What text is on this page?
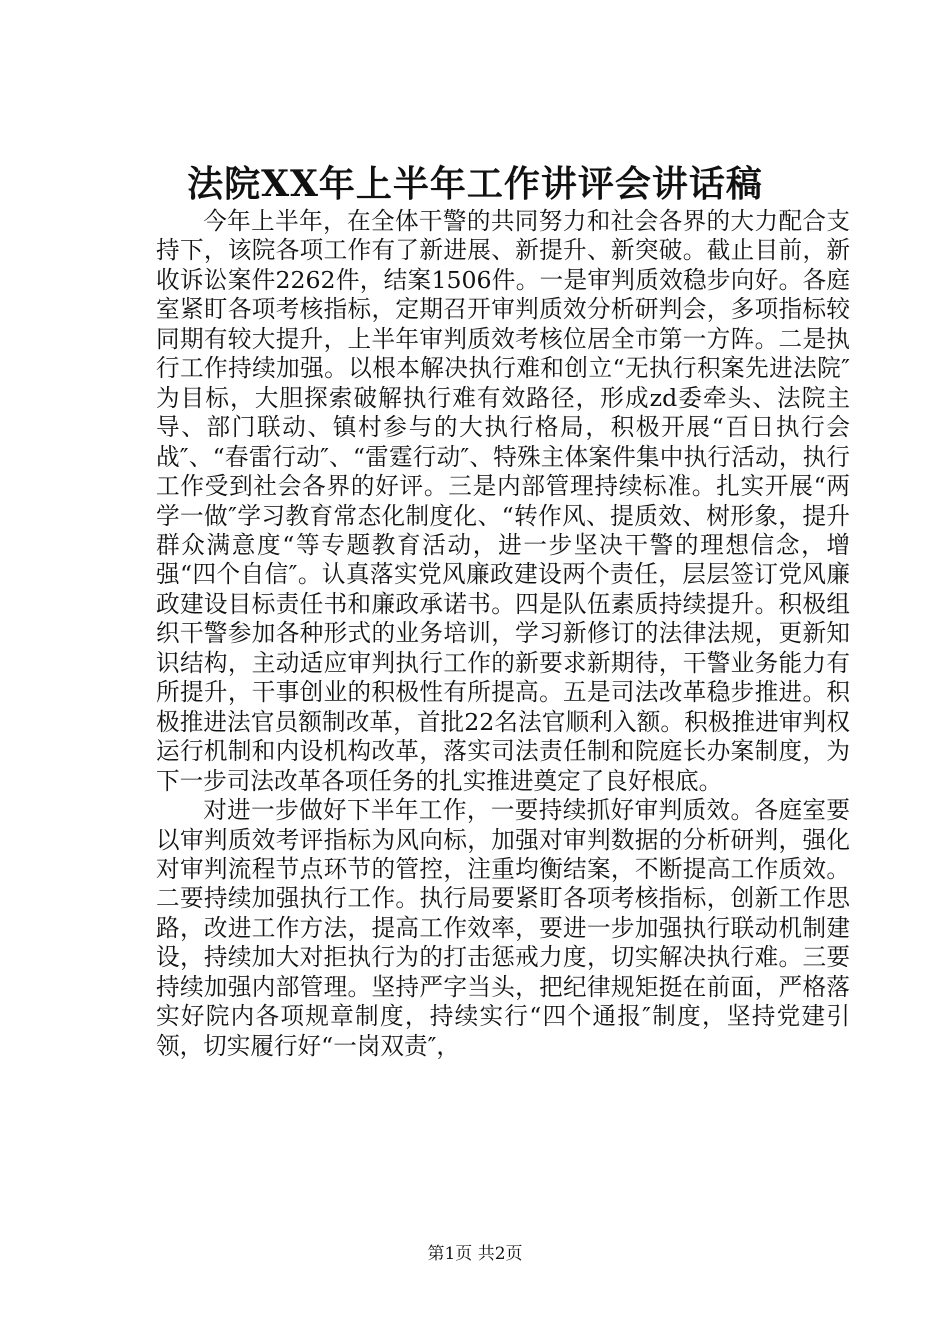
法院XX年上半年工作讲评会讲话稿

今年上半年，在全体干警的共同努力和社会各界的大力配合支持下，该院各项工作有了新进展、新提升、新突破。截止目前，新收诉讼案件2262件，结案1506件。一是审判质效稳步向好。各庭室紧盯各项考核指标，定期召开审判质效分析研判会，多项指标较同期有较大提升，上半年审判质效考核位居全市第一方阵。二是执行工作持续加强。以根本解决执行难和创立“无执行积案先进法院″为目标，大胆探索破解执行难有效路径，形成zd委牵头、法院主导、部门联动、镇村参与的大执行格局，积极开展“百日执行会战″、“春雷行动″、“雷霆行动″、特殊主体案件集中执行活动，执行工作受到社会各界的好评。三是内部管理持续标准。扎实开展“两学一做″学习教育常态化制度化、“转作风、提质效、树形象，提升群众满意度“等专题教育活动，进一步坚决干警的理想信念，增强“四个自信″。认真落实党风廉政建设两个责任，层层签订党风廉政建设目标责任书和廉政承诺书。四是队伍素质持续提升。积极组织干警参加各种形式的业务培训，学习新修订的法律法规，更新知识结构，主动适应审判执行工作的新要求新期待，干警业务能力有所提升，干事创业的积极性有所提高。五是司法改革稳步推进。积极推进法官员额制改革，首批22名法官顺利入额。积极推进审判权运行机制和内设机构改革，落实司法责任制和院庭长办案制度，为下一步司法改革各项任务的扎实推进奠定了良好根底。

对进一步做好下半年工作，一要持续抓好审判质效。各庭室要以审判质效考评指标为风向标，加强对审判数据的分析研判，强化对审判流程节点环节的管控，注重均衡结案，不断提高工作质效。二要持续加强执行工作。执行局要紧盯各项考核指标，创新工作思路，改进工作方法，提高工作效率，要进一步加强执行联动机制建设，持续加大对拒执行为的打击惩戒力度，切实解决执行难。三要持续加强内部管理。坚持严字当头，把纪律规矩挺在前面，严格落实好院内各项规章制度，持续实行“四个通报″制度，坚持党建引领，切实履行好“一岗双责″，

第1页 共2页
